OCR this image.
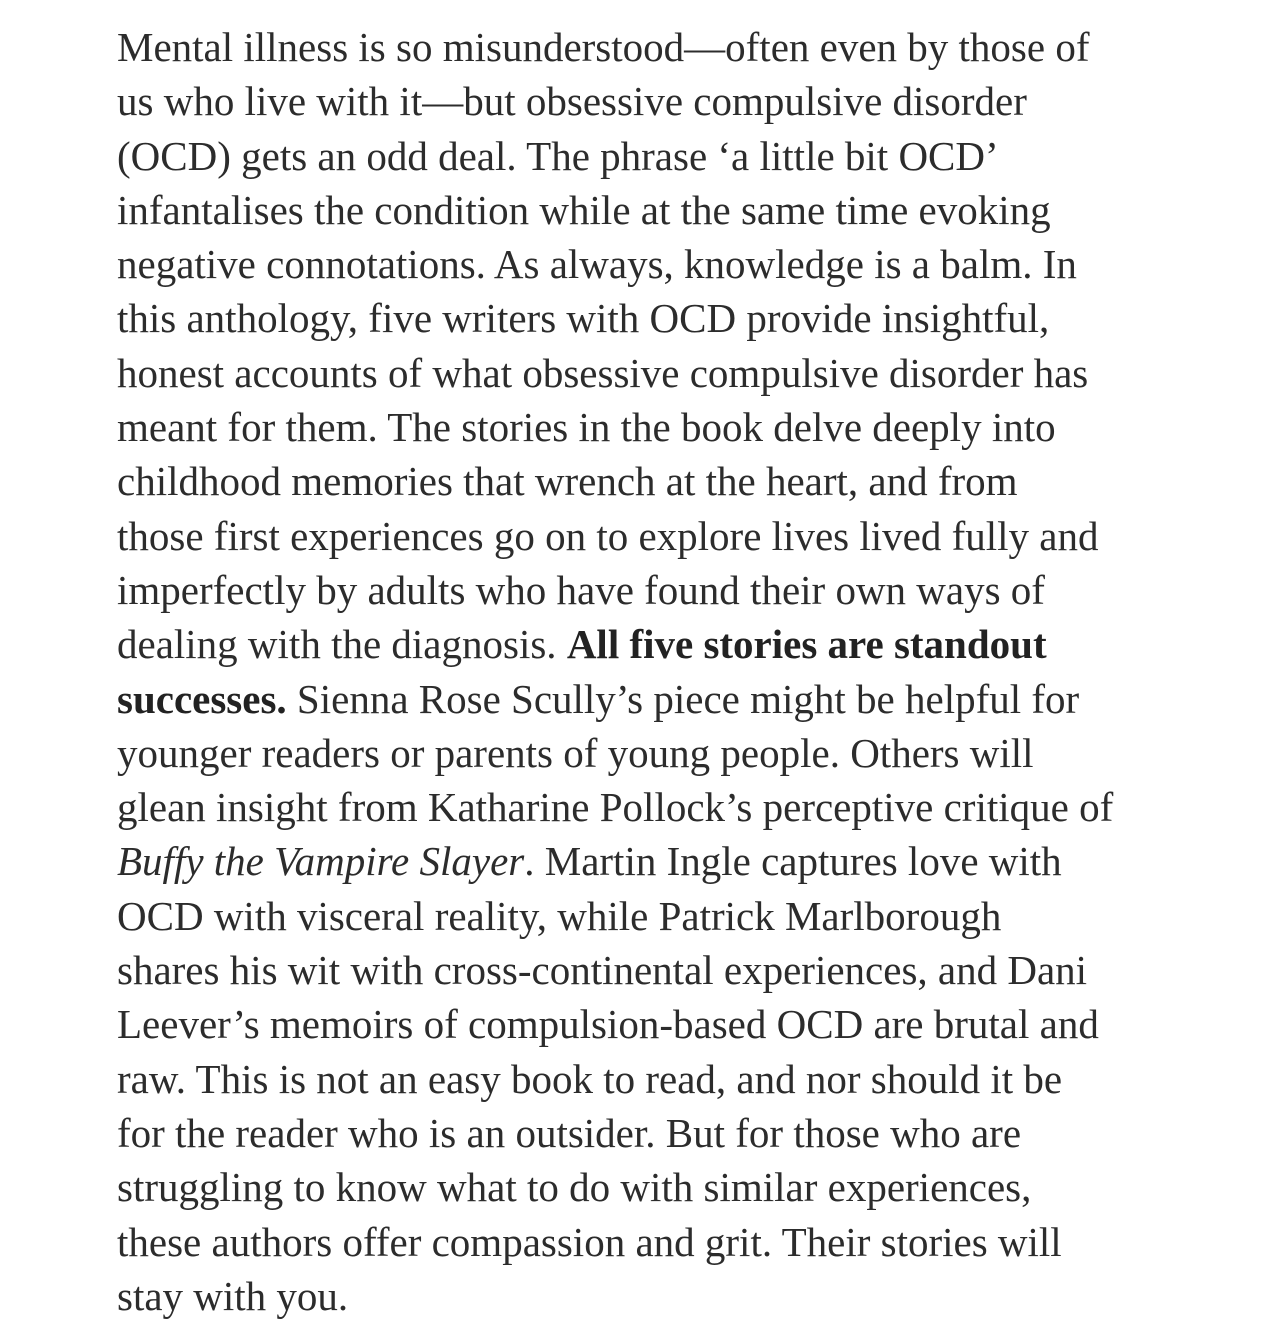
Mental illness is so misunderstood—often even by those of
us who live with it—but obsessive compulsive disorder
(OCD) gets an odd deal. The phrase ‘a little bit OCD’
infantalises the condition while at the same time evoking
negative connotations. As always, knowledge is a balm. In
this anthology, five writers with OCD provide insightful,
honest accounts of what obsessive compulsive disorder has
meant for them. The stories in the book delve deeply into
childhood memories that wrench at the heart, and from
those first experiences go on to explore lives lived fully and
imperfectly by adults who have found their own ways of
dealing with the diagnosis. All five stories are standout
successes. Sienna Rose Scully’s piece might be helpful for
younger readers or parents of young people. Others will
glean insight from Katharine Pollock’s perceptive critique of
Buffy the Vampire Slayer. Martin Ingle captures love with
OCD with visceral reality, while Patrick Marlborough
shares his wit with cross-continental experiences, and Dani
Leever’s memoirs of compulsion-based OCD are brutal and
raw. This is not an easy book to read, and nor should it be
for the reader who is an outsider. But for those who are
struggling to know what to do with similar experiences,
these authors offer compassion and grit. Their stories will
stay with you.
